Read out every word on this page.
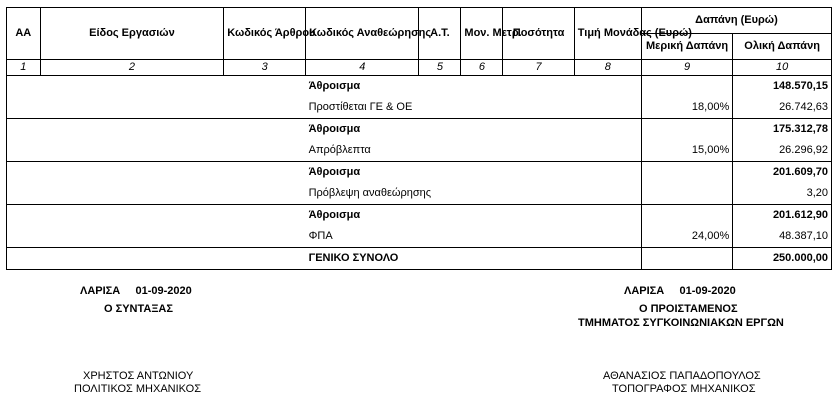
ΑΑ	Είδος Εργασιών	Κωδικός Άρθρου	Κωδικός Αναθεώρησης	Α.Τ.	Μον. Μετρ.	Ποσότητα	Τιμή Μονάδας (Ευρώ)	Δαπάνη (Ευρώ)	
								Μερική Δαπάνη	Ολική Δαπάνη
1	2	3	4	5	6	7	8	9	10
			Άθροισμα						148.570,15
			Προστίθεται ΓΕ & ΟΕ					18,00%	26.742,63
			Άθροισμα						175.312,78
			Απρόβλεπτα					15,00%	26.296,92
			Άθροισμα						201.609,70
			Πρόβλεψη αναθεώρησης						3,20
			Άθροισμα						201.612,90
			ΦΠΑ					24,00%	48.387,10
			ΓΕΝΙΚΟ ΣΥΝΟΛΟ						250.000,00
ΛΑΡΙΣΑ     01-09-2020
Ο ΣΥΝΤΑΞΑΣ
ΧΡΗΣΤΟΣ ΑΝΤΩΝΙΟΥ
ΠΟΛΙΤΙΚΟΣ ΜΗΧΑΝΙΚΟΣ
ΛΑΡΙΣΑ     01-09-2020
Ο ΠΡΟΙΣΤΑΜΕΝΟΣ
ΤΜΗΜΑΤΟΣ ΣΥΓΚΟΙΝΩΝΙΑΚΩΝ ΕΡΓΩΝ
ΑΘΑΝΑΣΙΟΣ ΠΑΠΑΔΟΠΟΥΛΟΣ
ΤΟΠΟΓΡΑΦΟΣ ΜΗΧΑΝΙΚΟΣ
